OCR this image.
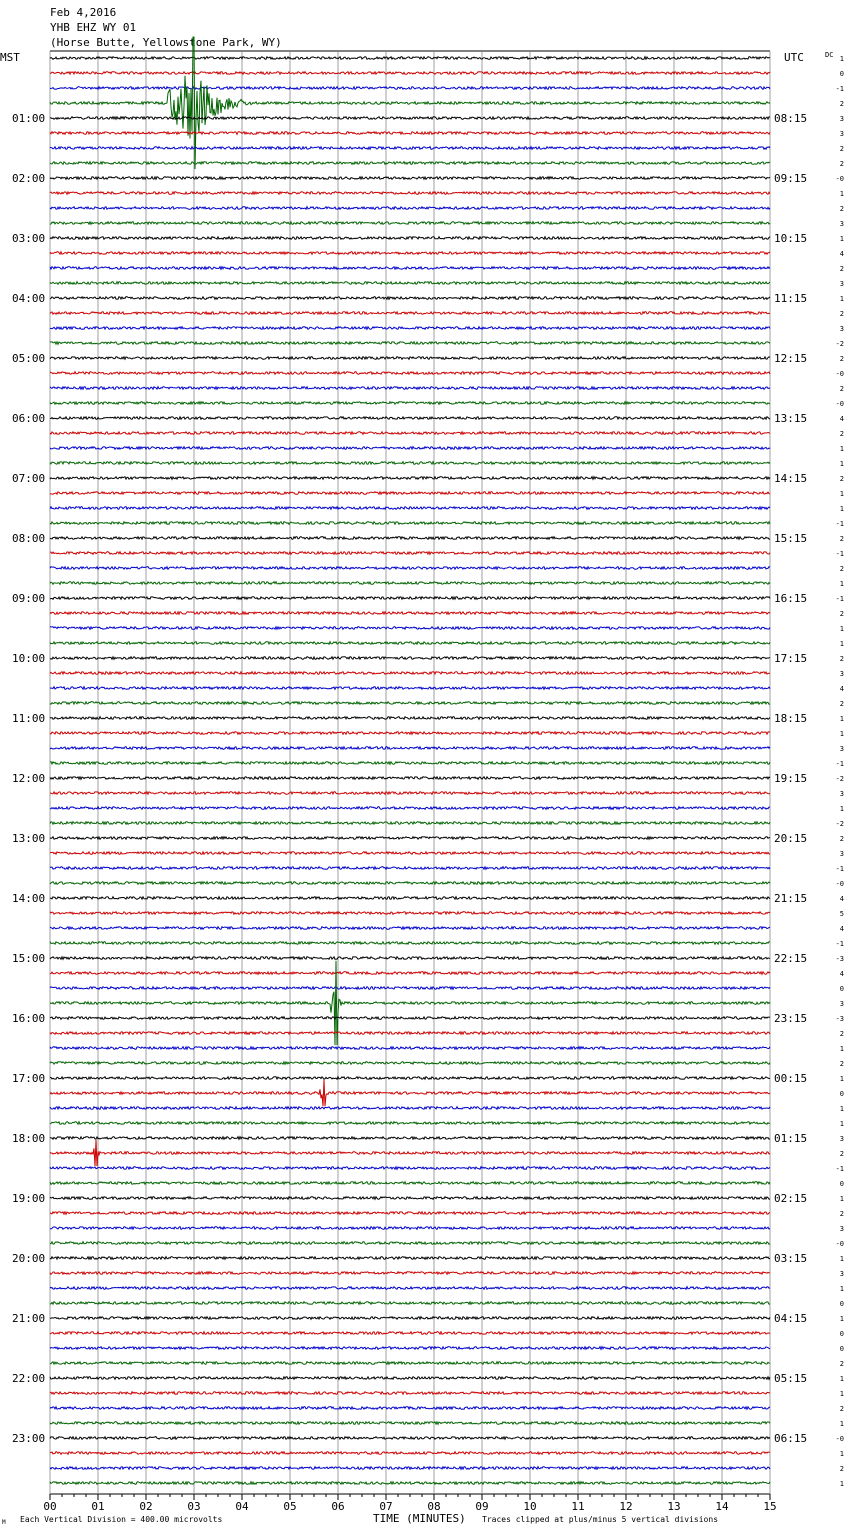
Feb 4,2016
YHB EHZ WY 01
(Horse Butte, Yellowstone Park, WY)
MST	UTC	DC
01:00
02:00
03:00
04:00
05:00
06:00
07:00
08:00
09:00
10:00
11:00
12:00
13:00
14:00
15:00
16:00
17:00
18:00
19:00
20:00
21:00
22:00
23:00
08:15
09:15
10:15
11:15
12:15
13:15
14:15
15:15
16:15
17:15
18:15
19:15
20:15
21:15
22:15
23:15
00:15
01:15
02:15
03:15
04:15
05:15
06:15
1
0
-1
2
3
3
2
2
-0
1
2
3
1
4
2
3
1
2
3
-2
2
-0
2
-0
4
2
1
1
2
1
1
-1
2
-1
2
1
-1
2
1
1
2
3
4
2
1
1
3
-1
-2
3
1
-2
2
3
-1
-0
4
5
4
-1
-3
4
0
3
-3
2
1
2
1
0
1
1
3
2
-1
0
1
2
3
-0
1
3
1
0
1
0
0
2
1
1
2
1
-0
1
2
1
00	01	02	03	04	05	06	07	08	09	10	11	12	13	14	15
M Each Vertical Division = 400.00 microvolts	TIME (MINUTES) Traces clipped at plus/minus 5 vertical divisions
